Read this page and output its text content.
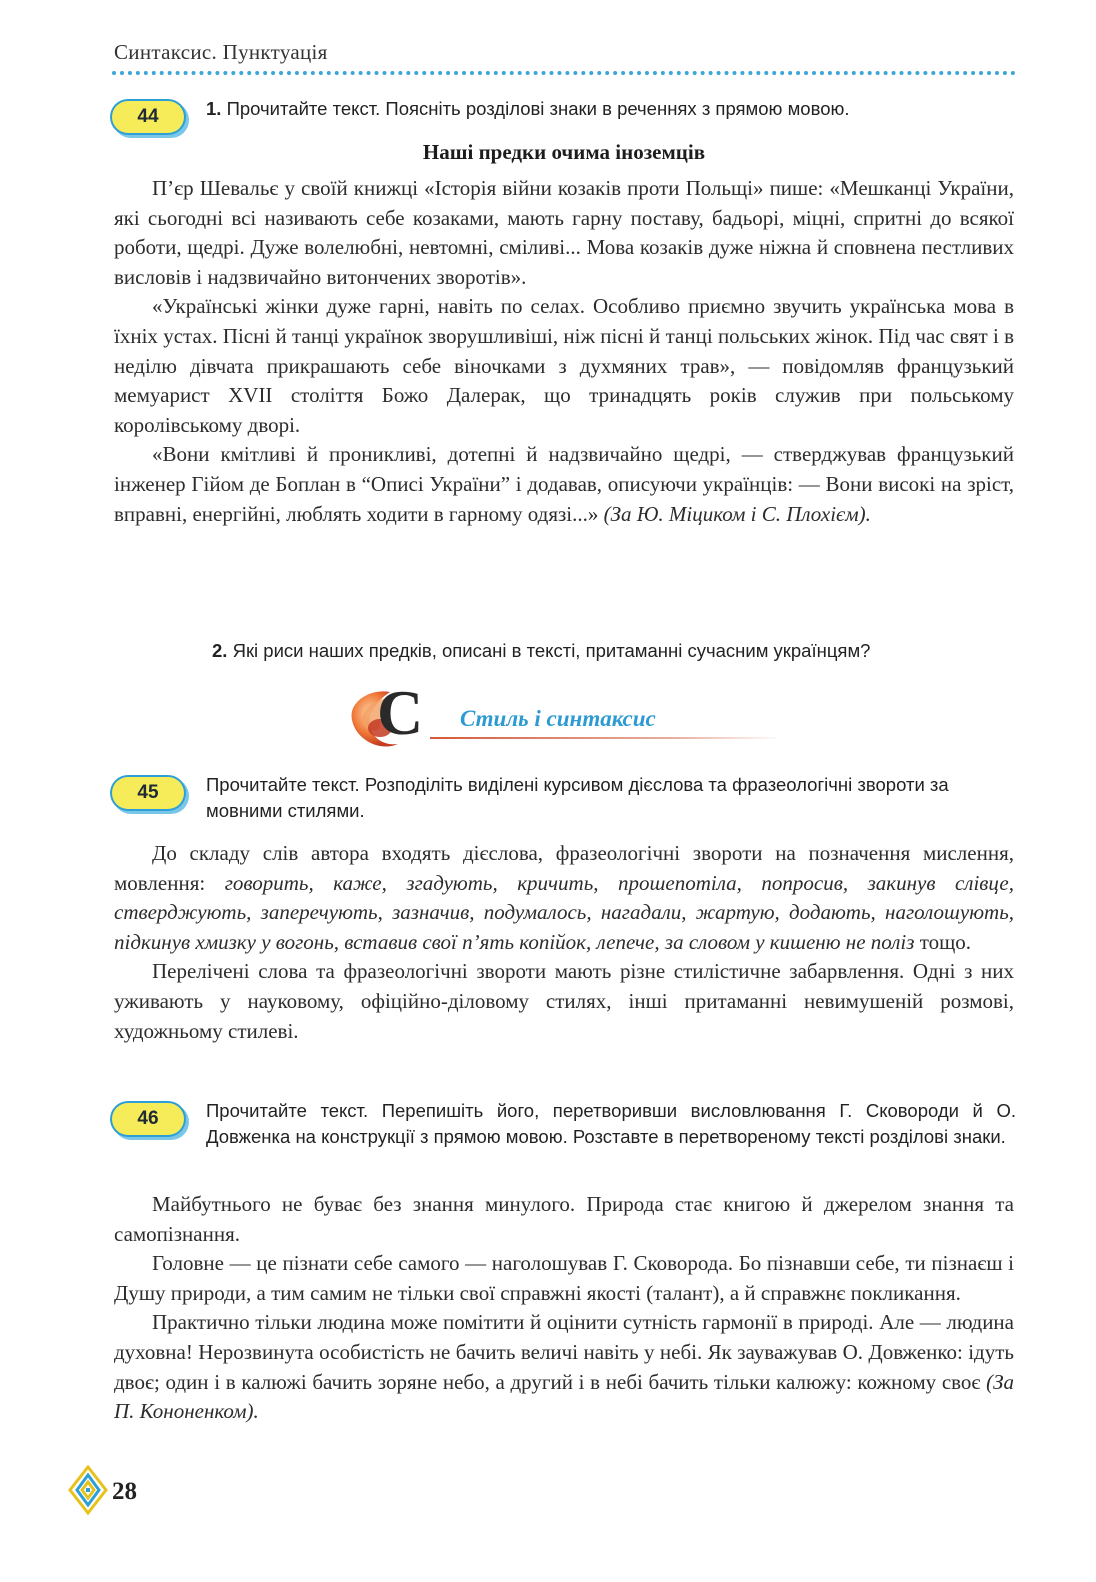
Синтаксис. Пунктуація
44	1. Прочитайте текст. Поясніть розділові знаки в реченнях з прямою мовою.
Наші предки очима іноземців

П’єр Шевальє у своїй книжці «Історія війни козаків проти Польщі» пише: «Мешканці України, які сьогодні всі називають себе козаками, мають гарну поставу, бадьорі, міцні, спритні до всякої роботи, щедрі. Дуже волелюбні, невтомні, сміливі... Мова козаків дуже ніжна й сповнена пестливих висловів і надзвичайно витончених зворотів».

«Українські жінки дуже гарні, навіть по селах. Особливо приємно звучить українська мова в їхніх устах. Пісні й танці українок зворушливіші, ніж пісні й танці польських жінок. Під час свят і в неділю дівчата прикрашають себе віночками з духмяних трав», — повідомляв французький мемуарист XVII століття Божо Далерак, що тринадцять років служив при польському королівському дворі.

«Вони кмітливі й проникливі, дотепні й надзвичайно щедрі, — стверджував французький інженер Гійом де Боплан в “Описі України” і додавав, описуючи українців: — Вони високі на зріст, вправні, енергійні, люблять ходити в гарному одязі...» (За Ю. Міциком і С. Плохієм).

2. Які риси наших предків, описані в тексті, притаманні сучасним українцям?
С Стиль і синтаксис
45	Прочитайте текст. Розподіліть виділені курсивом дієслова та фразеологічні звороти за мовними стилями.

До складу слів автора входять дієслова, фразеологічні звороти на позначення мислення, мовлення: говорить, каже, згадують, кричить, прошепотіла, попросив, закинув слівце, стверджують, заперечують, зазначив, подумалось, нагадали, жартую, додають, наголошують, підкинув хмизку у вогонь, вставив свої п’ять копійок, лепече, за словом у кишеню не поліз тощо.

Перелічені слова та фразеологічні звороти мають різне стилістичне забарвлення. Одні з них уживають у науковому, офіційно-діловому стилях, інші притаманні невимушеній розмові, художньому стилеві.

46	Прочитайте текст. Перепишіть його, перетворивши висловлювання Г. Сковороди й О. Довженка на конструкції з прямою мовою. Розставте в перетвореному тексті розділові знаки.

Майбутнього не буває без знання минулого. Природа стає книгою й джерелом знання та самопізнання.

Головне — це пізнати себе самого — наголошував Г. Сковорода. Бо пізнавши себе, ти пізнаєш і Душу природи, а тим самим не тільки свої справжні якості (талант), а й справжнє покликання.

Практично тільки людина може помітити й оцінити сутність гармонії в природі. Але — людина духовна! Нерозвинута особистість не бачить величі навіть у небі. Як зауважував О. Довженко: ідуть двоє; один і в калюжі бачить зоряне небо, а другий і в небі бачить тільки калюжу: кожному своє (За П. Кононенком).

28
